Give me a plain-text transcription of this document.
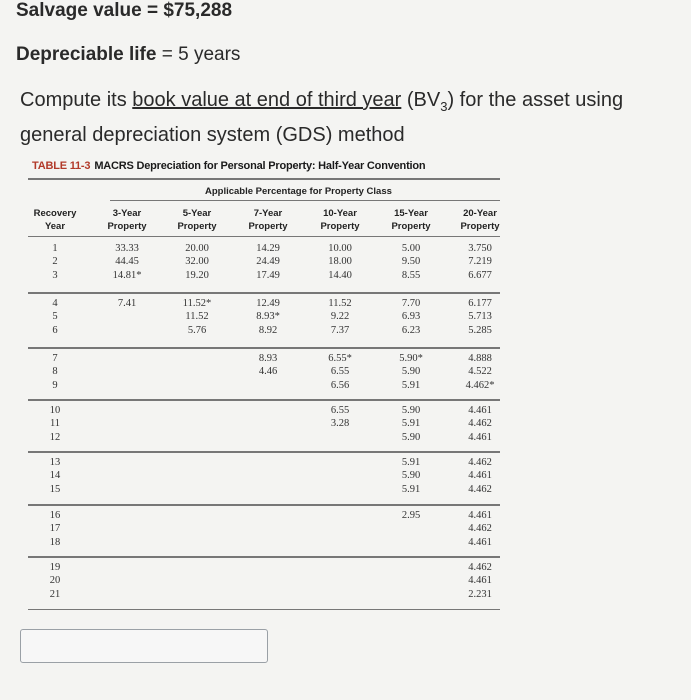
Salvage value = $75,288
Depreciable life = 5 years
Compute its book value at end of third year $(BV_3)$ for the asset using general depreciation system (GDS) method
TABLE 11-3 MACRS Depreciation for Personal Property: Half-Year Convention
Applicable Percentage for Property Class
Recovery
Year
3-Year
Property
5-Year
Property
7-Year
Property
10-Year
Property
15-Year
Property
20-Year
Property
1
2
3
33.33
44.45
14.81*
20.00
32.00
19.20
14.29
24.49
17.49
10.00
18.00
14.40
5.00
9.50
8.55
3.750
7.219
6.677
4
5
6
7.41	11.52*
11.52
5.76
12.49
8.93*
8.92
11.52
9.22
7.37
7.70
6.93
6.23
6.177
5.713
5.285
7
8
9
8.93
4.46
6.55*
6.55
6.56
5.90*
5.90
5.91
4.888
4.522
4.462*
10
11
12
6.55
3.28
5.90
5.91
5.90
4.461
4.462
4.461
13
14
15
5.91
5.90
5.91
4.462
4.461
4.462
16
17
18
2.95	4.461
4.462
4.461
19
20
21
4.462
4.461
2.231
